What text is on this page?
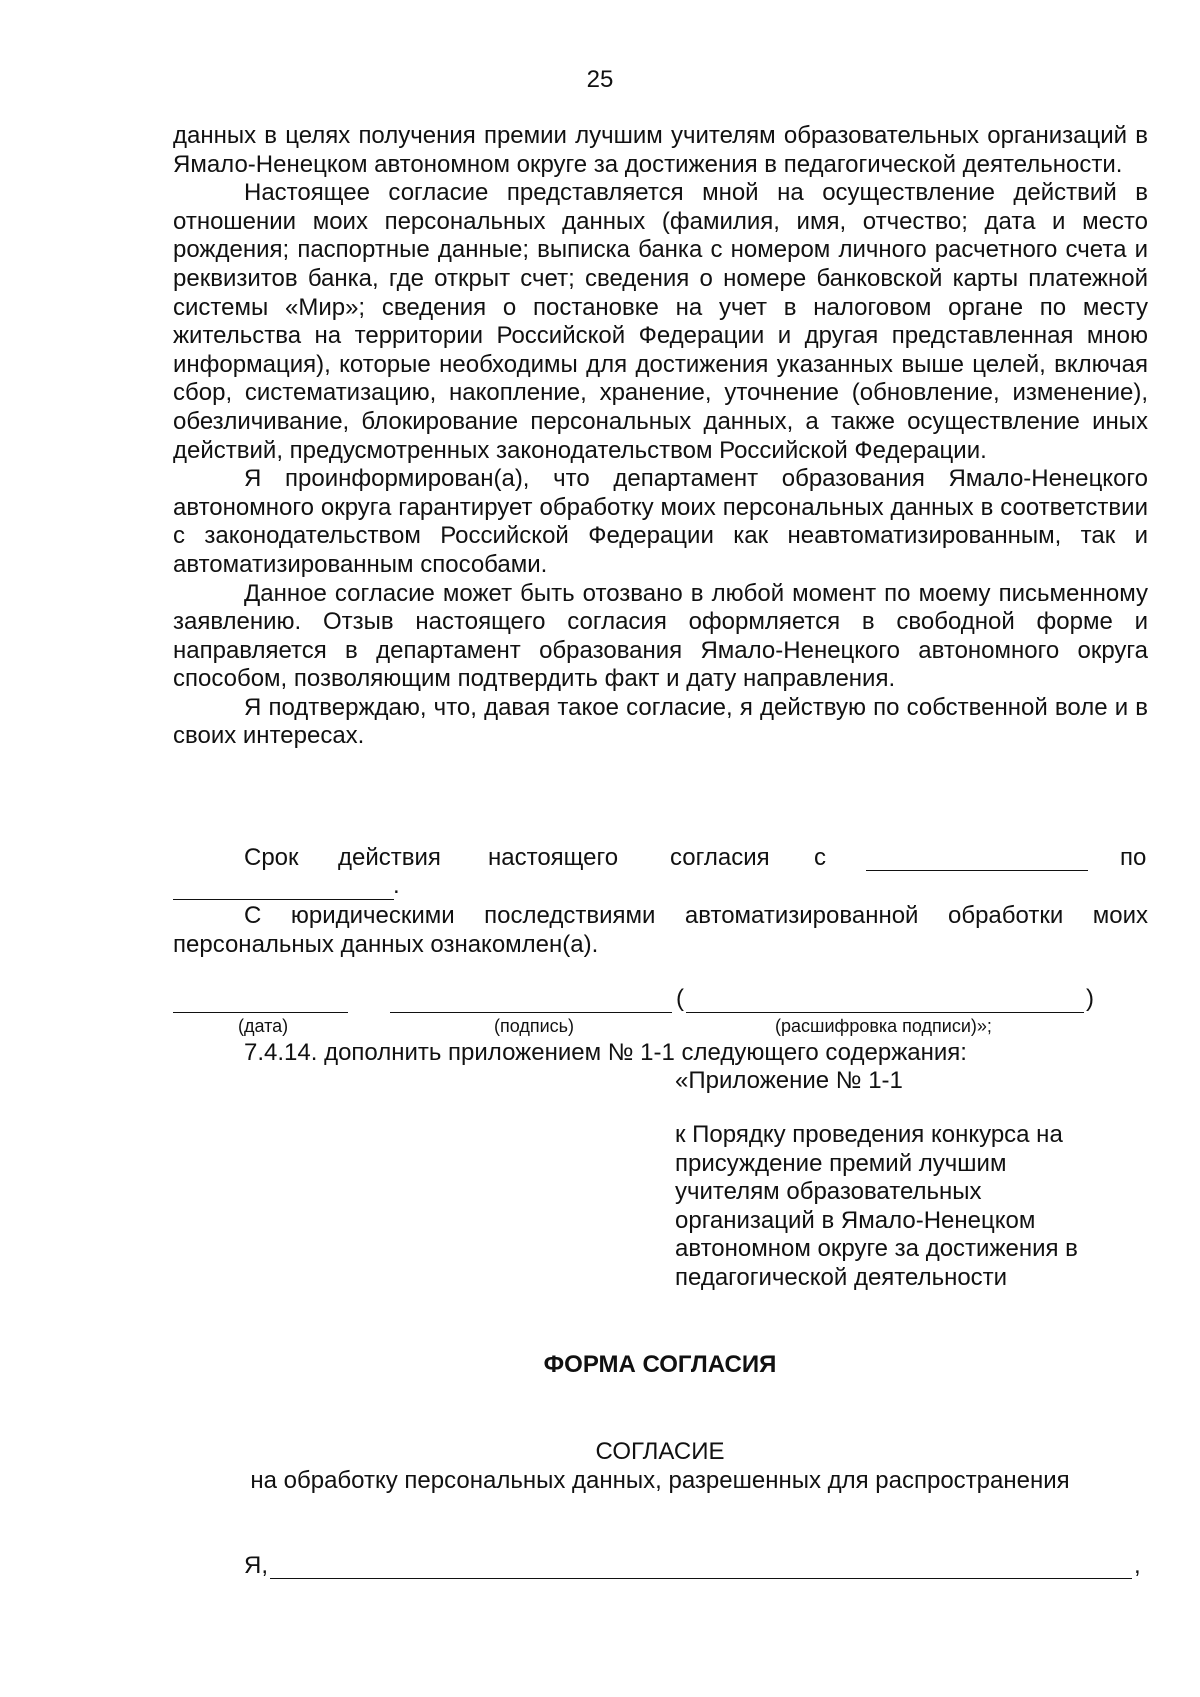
25

данных в целях получения премии лучшим учителям образовательных организаций в Ямало-Ненецком автономном округе за достижения в педагогической деятельности.

Настоящее согласие представляется мной на осуществление действий в отношении моих персональных данных (фамилия, имя, отчество; дата и место рождения; паспортные данные; выписка банка с номером личного расчетного счета и реквизитов банка, где открыт счет; сведения о номере банковской карты платежной системы «Мир»; сведения о постановке на учет в налоговом органе по месту жительства на территории Российской Федерации и другая представленная мною информация), которые необходимы для достижения указанных выше целей, включая сбор, систематизацию, накопление, хранение, уточнение (обновление, изменение), обезличивание, блокирование персональных данных, а также осуществление иных действий, предусмотренных законодательством Российской Федерации.

Я проинформирован(а), что департамент образования Ямало-Ненецкого автономного округа гарантирует обработку моих персональных данных в соответствии с законодательством Российской Федерации как неавтоматизированным, так и автоматизированным способами.

Данное согласие может быть отозвано в любой момент по моему письменному заявлению. Отзыв настоящего согласия оформляется в свободной форме и направляется в департамент образования Ямало-Ненецкого автономного округа способом, позволяющим подтвердить факт и дату направления.

Я подтверждаю, что, давая такое согласие, я действую по собственной воле и в своих интересах.

Срок действия настоящего согласия с	по
.
С юридическими последствиями автоматизированной обработки моих персональных данных ознакомлен(а).
(	)
(дата)	(подпись)	(расшифровка подписи)»;
7.4.14. дополнить приложением № 1-1 следующего содержания:
«Приложение № 1-1
к Порядку проведения конкурса на
присуждение премий лучшим
учителям образовательных
организаций в Ямало-Ненецком
автономном округе за достижения в
педагогической деятельности
ФОРМА СОГЛАСИЯ
СОГЛАСИЕ
на обработку персональных данных, разрешенных для распространения
Я,	,
